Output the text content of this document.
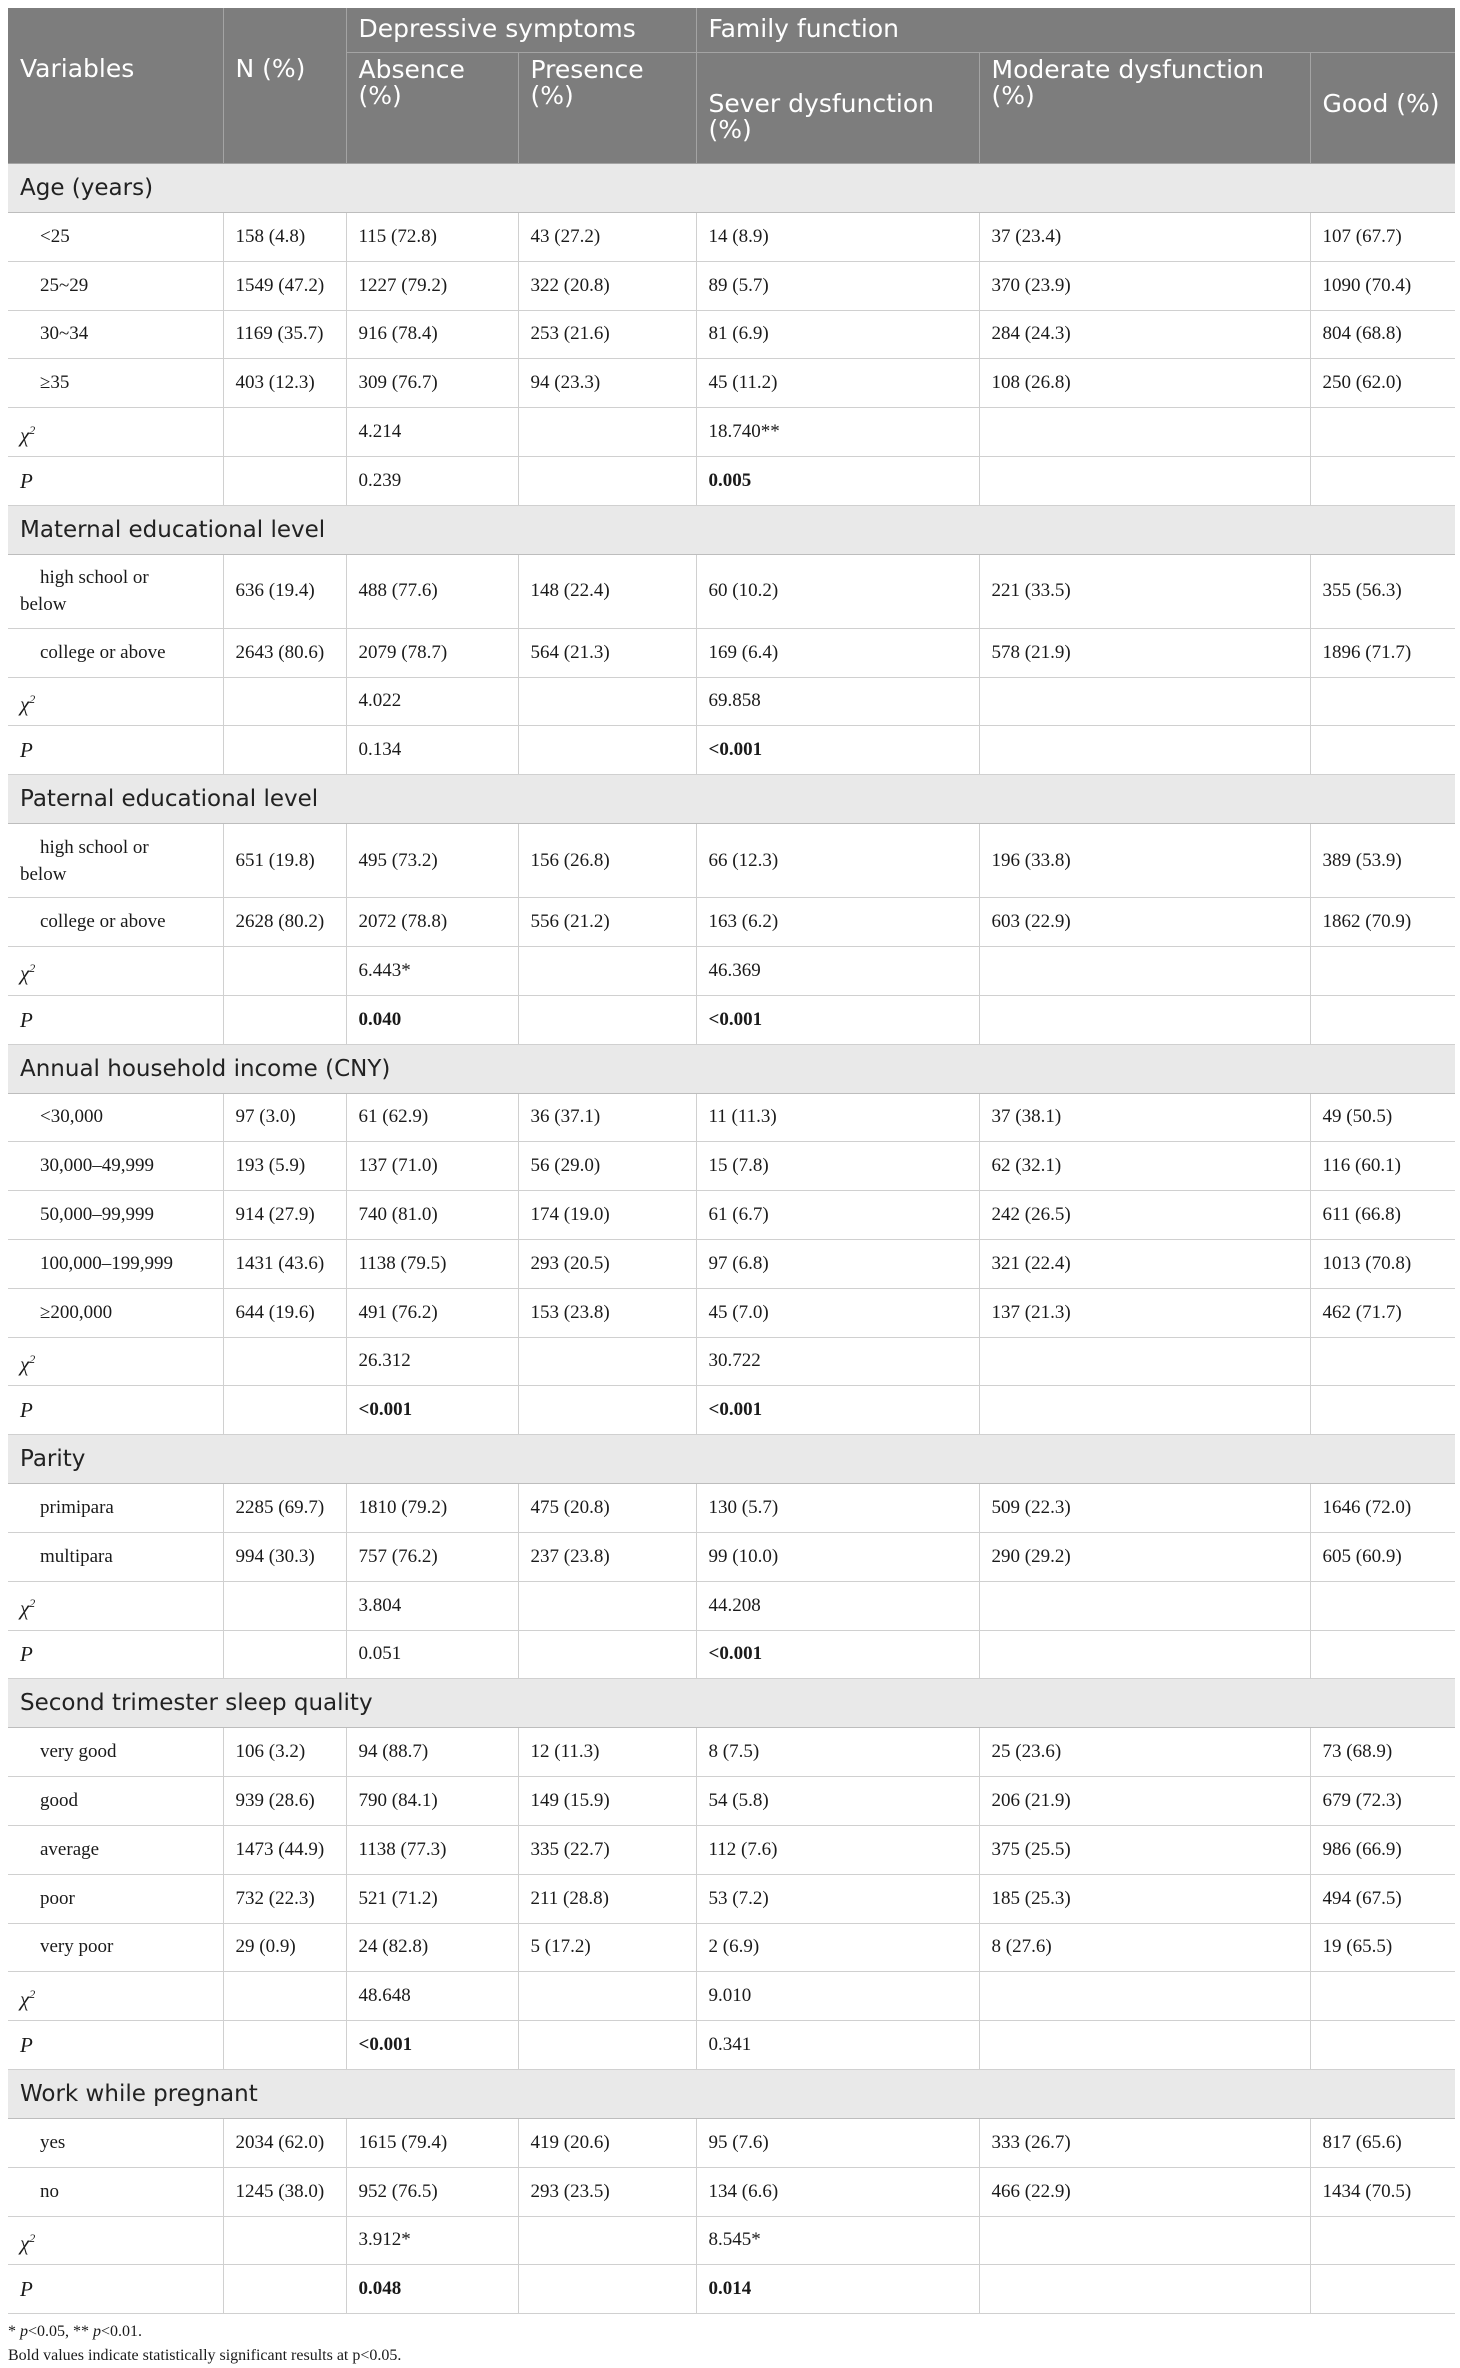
Variables	N (%)	Depressive symptoms		Family function		
		Absence (%)	Presence (%)	Sever dysfunction (%)	Moderate dysfunction (%)	Good (%)
Age (years)						
<25	158 (4.8)	115 (72.8)	43 (27.2)	14 (8.9)	37 (23.4)	107 (67.7)
25~29	1549 (47.2)	1227 (79.2)	322 (20.8)	89 (5.7)	370 (23.9)	1090 (70.4)
30~34	1169 (35.7)	916 (78.4)	253 (21.6)	81 (6.9)	284 (24.3)	804 (68.8)
≥35	403 (12.3)	309 (76.7)	94 (23.3)	45 (11.2)	108 (26.8)	250 (62.0)
$\chi^2$		4.214		18.740**		
P		0.239		0.005		
Maternal educational level						

high school or
below	636 (19.4)	488 (77.6)	148 (22.4)	60 (10.2)	221 (33.5)	355 (56.3)
college or above	2643 (80.6)	2079 (78.7)	564 (21.3)	169 (6.4)	578 (21.9)	1896 (71.7)
$\chi^2$		4.022		69.858		
P		0.134		<0.001		
Paternal educational level						

high school or
below	651 (19.8)	495 (73.2)	156 (26.8)	66 (12.3)	196 (33.8)	389 (53.9)
college or above	2628 (80.2)	2072 (78.8)	556 (21.2)	163 (6.2)	603 (22.9)	1862 (70.9)
$\chi^2$		6.443*		46.369		
P		0.040		<0.001		
Annual household income (CNY)						
<30,000	97 (3.0)	61 (62.9)	36 (37.1)	11 (11.3)	37 (38.1)	49 (50.5)
30,000–49,999	193 (5.9)	137 (71.0)	56 (29.0)	15 (7.8)	62 (32.1)	116 (60.1)
50,000–99,999	914 (27.9)	740 (81.0)	174 (19.0)	61 (6.7)	242 (26.5)	611 (66.8)
100,000–199,999	1431 (43.6)	1138 (79.5)	293 (20.5)	97 (6.8)	321 (22.4)	1013 (70.8)
≥200,000	644 (19.6)	491 (76.2)	153 (23.8)	45 (7.0)	137 (21.3)	462 (71.7)
$\chi^2$		26.312		30.722		
P		<0.001		<0.001		
Parity						
primipara	2285 (69.7)	1810 (79.2)	475 (20.8)	130 (5.7)	509 (22.3)	1646 (72.0)
multipara	994 (30.3)	757 (76.2)	237 (23.8)	99 (10.0)	290 (29.2)	605 (60.9)
$\chi^2$		3.804		44.208		
P		0.051		<0.001		
Second trimester sleep quality						
very good	106 (3.2)	94 (88.7)	12 (11.3)	8 (7.5)	25 (23.6)	73 (68.9)
good	939 (28.6)	790 (84.1)	149 (15.9)	54 (5.8)	206 (21.9)	679 (72.3)
average	1473 (44.9)	1138 (77.3)	335 (22.7)	112 (7.6)	375 (25.5)	986 (66.9)
poor	732 (22.3)	521 (71.2)	211 (28.8)	53 (7.2)	185 (25.3)	494 (67.5)
very poor	29 (0.9)	24 (82.8)	5 (17.2)	2 (6.9)	8 (27.6)	19 (65.5)
$\chi^2$		48.648		9.010		
P		<0.001		0.341		
Work while pregnant						
yes	2034 (62.0)	1615 (79.4)	419 (20.6)	95 (7.6)	333 (26.7)	817 (65.6)
no	1245 (38.0)	952 (76.5)	293 (23.5)	134 (6.6)	466 (22.9)	1434 (70.5)
$\chi^2$		3.912*		8.545*		
P		0.048		0.014		
* p<0.05, ** p<0.01.
Bold values indicate statistically significant results at p<0.05.
